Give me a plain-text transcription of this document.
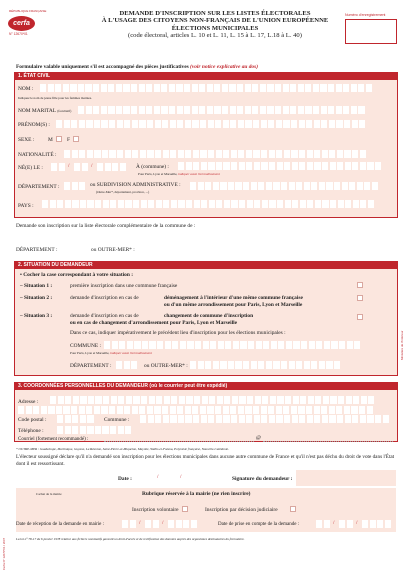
RÉPUBLIQUE FRANÇAISE
cerfa
N° 12670*01
DEMANDE D'INSCRIPTION SUR LES LISTES ÉLECTORALES
À L'USAGE DES CITOYENS NON-FRANÇAIS DE L'UNION EUROPÉENNE
ÉLECTIONS MUNICIPALES
(code électoral, articles L. 10 et L. 11, L. 15 à L. 17, L.18 à L. 40)
Numéro d'enregistrement
Formulaire valable uniquement s'il est accompagné des pièces justificatives (voir notice explicative au dos)
1. ÉTAT CIVIL
NOM :
Indiquez le nom de jeune fille pour les femmes mariées.
NOM MARITAL (facultatif)
PRÉNOM(S) :
SEXE :	M	F
NATIONALITÉ :
NÉ(E) LE :	/	/	À (commune) :
Pour Paris, Lyon et Marseille, indiquer aussi l'arrondissement
DÉPARTEMENT :	ou SUBDIVISION ADMINISTRATIVE :
(Outre-Mer*, département, province, ...)
PAYS :
Demande son inscription sur la liste électorale complémentaire de la commune de :
DÉPARTEMENT :	ou OUTRE-MER* :
2. SITUATION DU DEMANDEUR
• Cocher la case correspondant à votre situation :
– Situation 1 :	première inscription dans une commune française
– Situation 2 :	demande d'inscription en cas de	déménagement à l'intérieur d'une même commune française
ou d'un même arrondissement pour Paris, Lyon et Marseille
– Situation 3 :	demande d'inscription en cas de	changement de commune d'inscription
ou en cas de changement d'arrondissement pour Paris, Lyon et Marseille
Dans ce cas, indiquer impérativement le précédent lieu d'inscription pour les élections municipales :
COMMUNE :
Pour Paris, Lyon et Marseille, indiquer aussi l'arrondissement
DÉPARTEMENT :	ou OUTRE-MER* :
3. COORDONNÉES PERSONNELLES DU DEMANDEUR (où le courrier peut être expédié)
Adresse :
Code postal :	Commune :
Téléphone :
Courriel (fortement recommandé) :	@
* OUTRE-MER : Guadeloupe, Martinique, Guyane, La Réunion, Saint-Pierre-et-Miquelon, Mayotte, Wallis-et-Futuna, Polynésie française, Nouvelle-Calédonie.
L'électeur soussigné déclare qu'il n'a demandé son inscription pour les élections municipales dans aucune autre commune de France et qu'il n'est pas déchu du droit de vote dans l'État dont il est ressortissant.
Date :	/	/	Signature du demandeur :
Cachet de la mairie	Rubrique réservée à la mairie (ne rien inscrire)
Inscription volontaire	Inscription par décision judiciaire
Date de réception de la demande en mairie :	/	/	Date de prise en compte de la demande :	/	/
La loi n° 78-17 du 6 janvier 1978 relative aux fichiers nominatifs garantit un droit d'accès et de rectification des données auprès des organismes destinataires du formulaire.
Cerfa N° 12670*01 / 2007
Ministère de l'Intérieur
